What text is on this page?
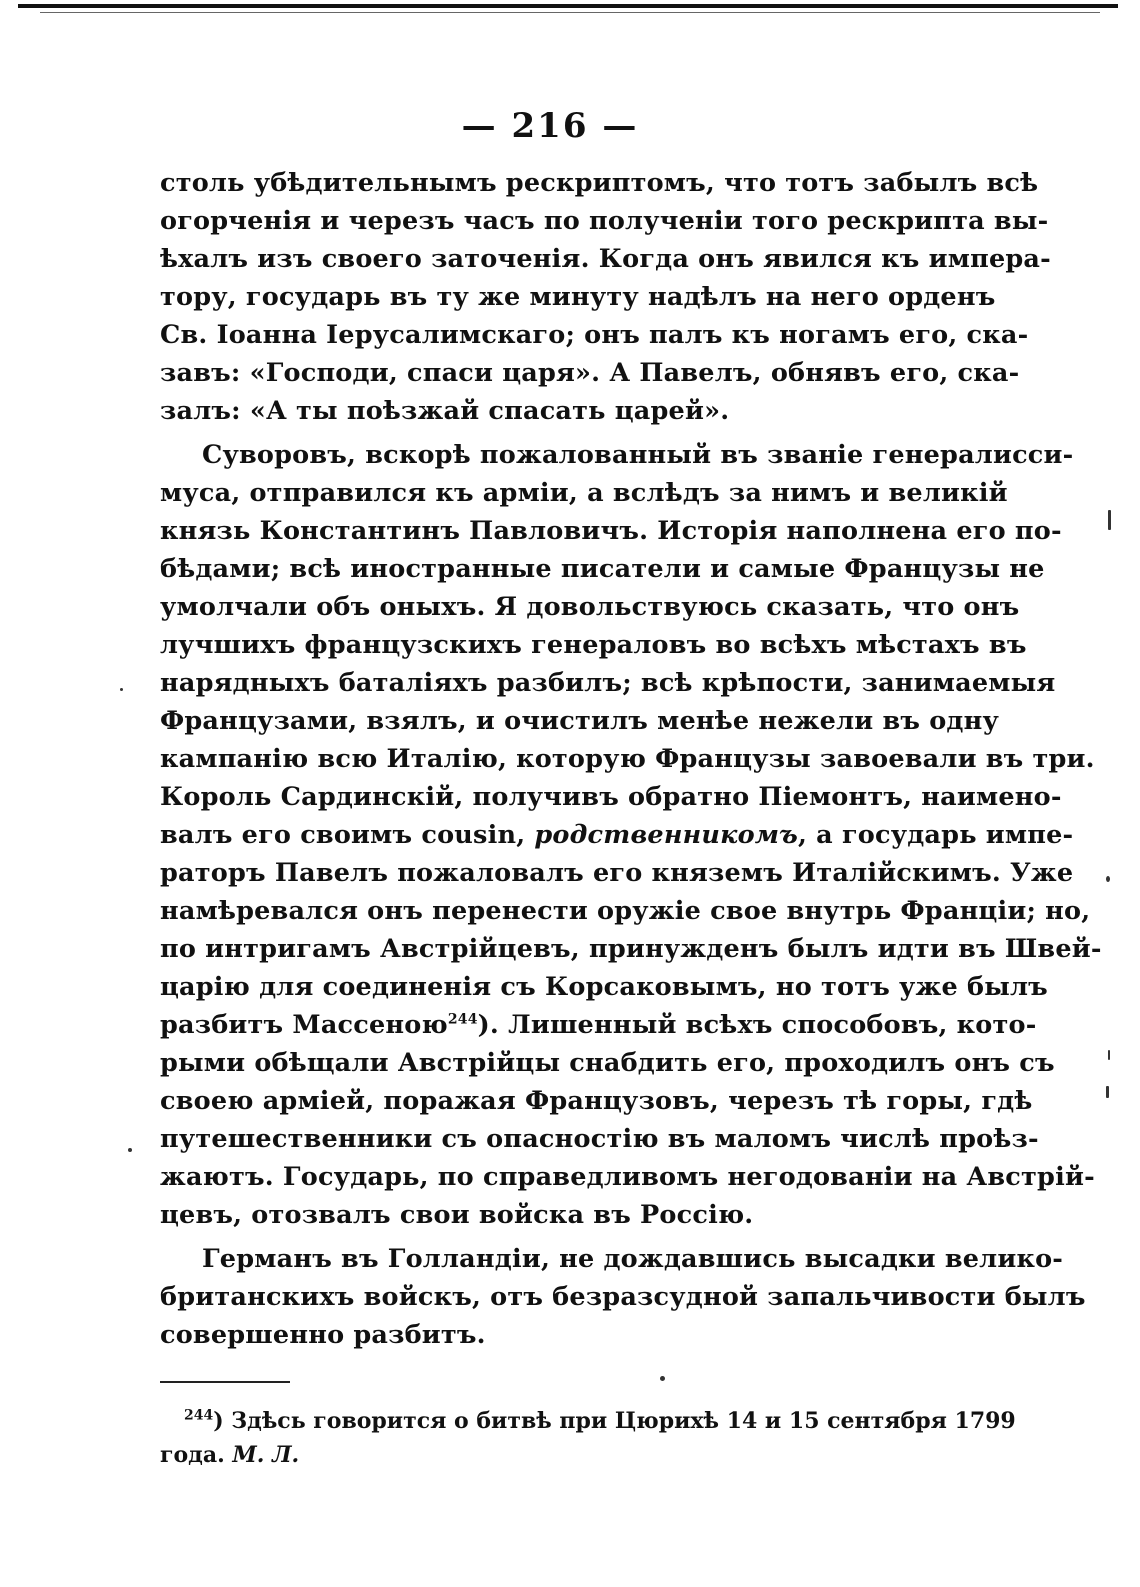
— 216 —
столь убѣдительнымъ рескриптомъ, что тотъ забылъ всѣ
огорченія и черезъ часъ по полученіи того рескрипта вы-
ѣхалъ изъ своего заточенія. Когда онъ явился къ импера-
тору, государь въ ту же минуту надѣлъ на него орденъ
Св. Іоанна Іерусалимскаго; онъ палъ къ ногамъ его, ска-
завъ: «Господи, спаси царя». А Павелъ, обнявъ его, ска-
залъ: «А ты поѣзжай спасать царей».
Суворовъ, вскорѣ пожалованный въ званіе генералисси-
муса, отправился къ арміи, а вслѣдъ за нимъ и великій
князь Константинъ Павловичъ. Исторія наполнена его по-
бѣдами; всѣ иностранные писатели и самые Французы не
умолчали объ оныхъ. Я довольствуюсь сказать, что онъ
лучшихъ французскихъ генераловъ во всѣхъ мѣстахъ въ
нарядныхъ баталіяхъ разбилъ; всѣ крѣпости, занимаемыя
Французами, взялъ, и очистилъ менѣе нежели въ одну
кампанію всю Италію, которую Французы завоевали въ три.
Король Сардинскій, получивъ обратно Піемонтъ, наимено-
валъ его своимъ cousin, родственникомъ, а государь импе-
раторъ Павелъ пожаловалъ его княземъ Италійскимъ. Уже
намѣревался онъ перенести оружіе свое внутрь Франціи; но,
по интригамъ Австрійцевъ, принужденъ былъ идти въ Швей-
царію для соединенія съ Корсаковымъ, но тотъ уже былъ
разбитъ Массеною$^{244}$). Лишенный всѣхъ способовъ, кото-
рыми обѣщали Австрійцы снабдить его, проходилъ онъ съ
своею арміей, поражая Французовъ, черезъ тѣ горы, гдѣ
путешественники съ опасностію въ маломъ числѣ проѣз-
жаютъ. Государь, по справедливомъ негодованіи на Австрій-
цевъ, отозвалъ свои войска въ Россію.
Германъ въ Голландіи, не дождавшись высадки велико-
британскихъ войскъ, отъ безразсудной запальчивости былъ
совершенно разбитъ.
$^{244}$) Здѣсь говорится о битвѣ при Цюрихѣ 14 и 15 сентября 1799
года. М. Л.
